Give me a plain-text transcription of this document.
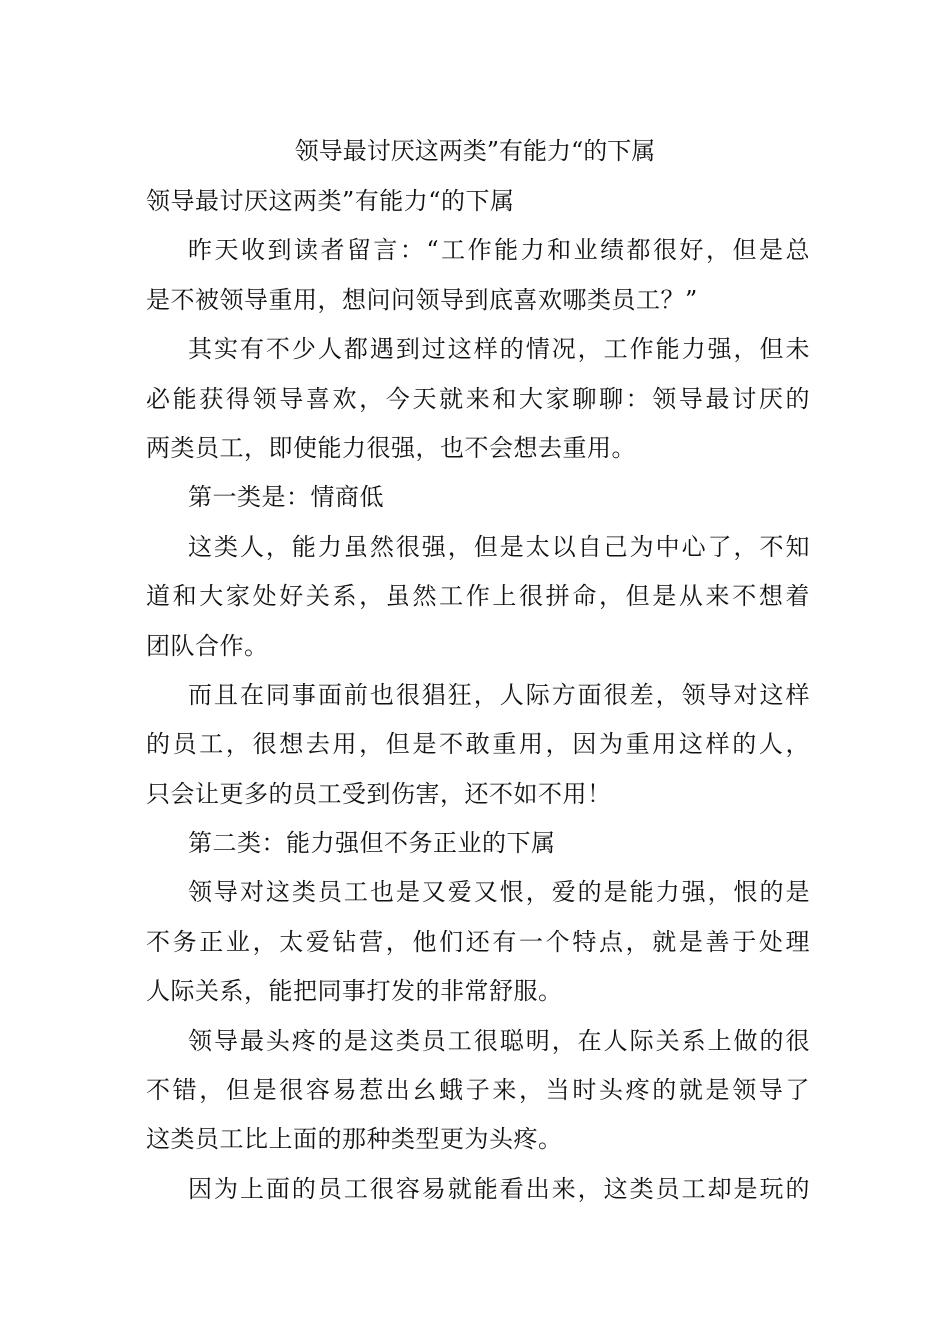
领导最讨厌这两类”有能力“的下属
领导最讨厌这两类”有能力“的下属
昨天收到读者留言：“工作能力和业绩都很好，但是总
是不被领导重用，想问问领导到底喜欢哪类员工？”
其实有不少人都遇到过这样的情况，工作能力强，但未
必能获得领导喜欢，今天就来和大家聊聊：领导最讨厌的
两类员工，即使能力很强，也不会想去重用。
第一类是：情商低
这类人，能力虽然很强，但是太以自己为中心了，不知
道和大家处好关系，虽然工作上很拼命，但是从来不想着
团队合作。
而且在同事面前也很猖狂，人际方面很差，领导对这样
的员工，很想去用，但是不敢重用，因为重用这样的人，
只会让更多的员工受到伤害，还不如不用！
第二类：能力强但不务正业的下属
领导对这类员工也是又爱又恨，爱的是能力强，恨的是
不务正业，太爱钻营，他们还有一个特点，就是善于处理
人际关系，能把同事打发的非常舒服。
领导最头疼的是这类员工很聪明，在人际关系上做的很
不错，但是很容易惹出幺蛾子来，当时头疼的就是领导了
这类员工比上面的那种类型更为头疼。
因为上面的员工很容易就能看出来，这类员工却是玩的
